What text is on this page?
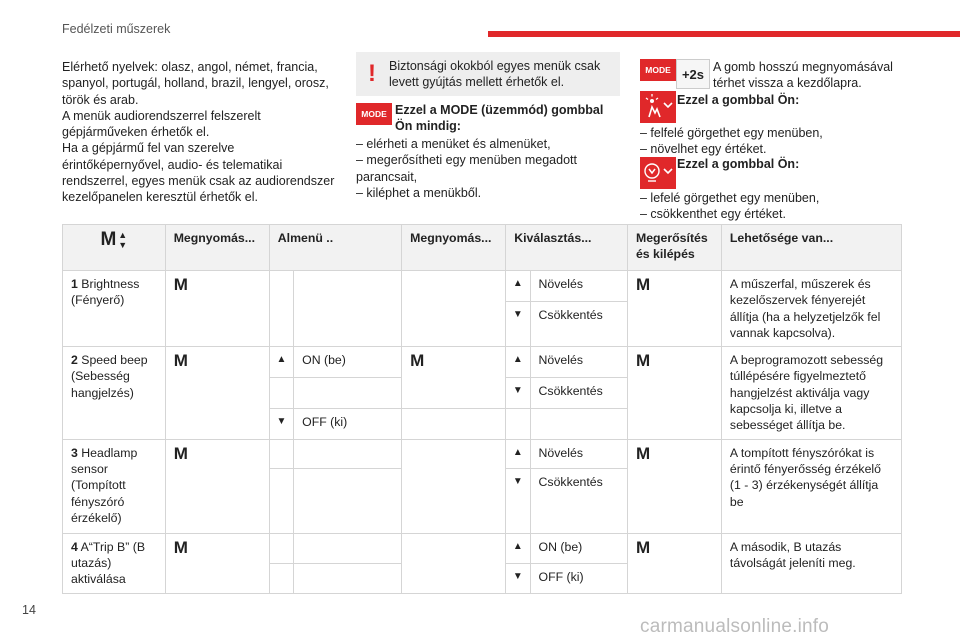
Fedélzeti műszerek
Elérhető nyelvek: olasz, angol, német, francia,
spanyol, portugál, holland, brazil, lengyel, orosz,
török és arab.
A menük audiorendszerrel felszerelt
gépjárműveken érhetők el.
Ha a gépjármű fel van szerelve
érintőképernyővel, audio- és telematikai
rendszerrel, egyes menük csak az audiorendszer
kezelőpanelen keresztül érhetők el.
! Biztonsági okokból egyes menük csak levett gyújtás mellett érhetők el.
MODE Ezzel a MODE (üzemmód) gombbal Ön mindig:
– elérheti a menüket és almenüket,
– megerősítheti egy menüben megadott
parancsait,
– kiléphet a menükből.
MODE +2s A gomb hosszú megnyomásával térhet vissza a kezdőlapra.
Ezzel a gombbal Ön:
– felfelé görgethet egy menüben,
– növelhet egy értéket.
Ezzel a gombbal Ön:
– lefelé görgethet egy menüben,
– csökkenthet egy értéket.
M ▲
▼	Megnyomás...	Almenü ..		Megnyomás...	Kiválasztás...		Megerősítés és kilépés	Lehetősége van...
1 Brightness (Fényerő)	M				▲	Növelés	M	A műszerfal, műszerek és kezelőszervek fényerejét állítja (ha a helyzetjelzők fel vannak kapcsolva).
					▼	Csökkentés		
2 Speed beep (Sebesség hangjelzés)	M	▲	ON (be)	M	▲	Növelés	M	A beprogramozott sebesség túllépésére figyelmeztető hangjelzést aktiválja vagy kapcsolja ki, illetve a sebességet állítja be.
					▼	Csökkentés		
		▼	OFF (ki)					
3 Headlamp sensor (Tompított fényszóró érzékelő)	M				▲	Növelés	M	A tompított fényszórókat is érintő fényerősség érzékelő (1 - 3) érzékenységét állítja be
					▼	Csökkentés		
4 A“Trip B” (B utazás) aktiválása	M				▲	ON (be)	M	A második, B utazás távolságát jeleníti meg.
					▼	OFF (ki)		
14
carmanualsonline.info
